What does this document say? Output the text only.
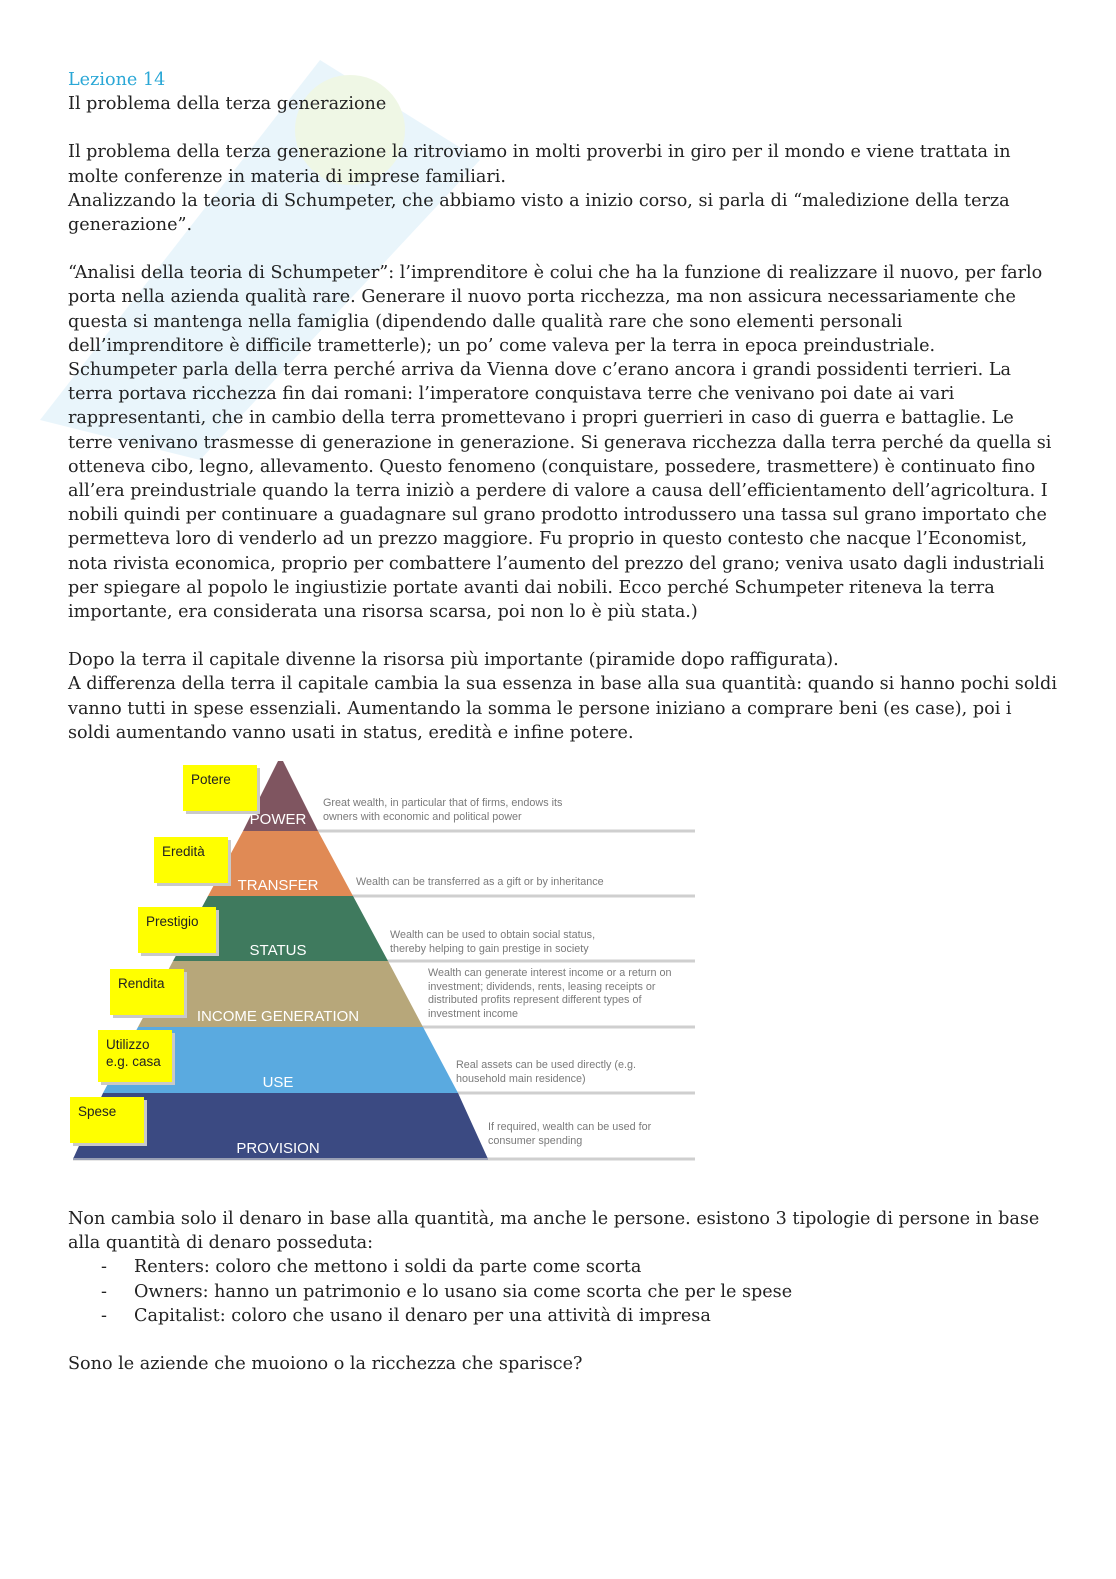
Lezione 14

Il problema della terza generazione

Il problema della terza generazione la ritroviamo in molti proverbi in giro per il mondo e viene trattata in molte conferenze in materia di imprese familiari.

Analizzando la teoria di Schumpeter, che abbiamo visto a inizio corso, si parla di “maledizione della terza generazione”.

“Analisi della teoria di Schumpeter”: l’imprenditore è colui che ha la funzione di realizzare il nuovo, per farlo porta nella azienda qualità rare. Generare il nuovo porta ricchezza, ma non assicura necessariamente che questa si mantenga nella famiglia (dipendendo dalle qualità rare che sono elementi personali dell’imprenditore è difficile trametterle); un po’ come valeva per la terra in epoca preindustriale.

Schumpeter parla della terra perché arriva da Vienna dove c’erano ancora i grandi possidenti terrieri. La terra portava ricchezza fin dai romani: l’imperatore conquistava terre che venivano poi date ai vari rappresentanti, che in cambio della terra promettevano i propri guerrieri in caso di guerra e battaglie. Le terre venivano trasmesse di generazione in generazione. Si generava ricchezza dalla terra perché da quella si otteneva cibo, legno, allevamento. Questo fenomeno (conquistare, possedere, trasmettere) è continuato fino all’era preindustriale quando la terra iniziò a perdere di valore a causa dell’efficientamento dell’agricoltura. I nobili quindi per continuare a guadagnare sul grano prodotto introdussero una tassa sul grano importato che permetteva loro di venderlo ad un prezzo maggiore. Fu proprio in questo contesto che nacque l’Economist, nota rivista economica, proprio per combattere l’aumento del prezzo del grano; veniva usato dagli industriali per spiegare al popolo le ingiustizie portate avanti dai nobili. Ecco perché Schumpeter riteneva la terra importante, era considerata una risorsa scarsa, poi non lo è più stata.)

Dopo la terra il capitale divenne la risorsa più importante (piramide dopo raffigurata).

A differenza della terra il capitale cambia la sua essenza in base alla sua quantità: quando si hanno pochi soldi vanno tutti in spese essenziali. Aumentando la somma le persone iniziano a comprare beni (es case), poi i soldi aumentando vanno usati in status, eredità e infine potere.

POWER
TRANSFER
STATUS
INCOME GENERATION
USE
PROVISION
Great wealth, in particular that of firms, endows its owners with economic and political power
Wealth can be transferred as a gift or by inheritance
Wealth can be used to obtain social status, thereby helping to gain prestige in society
Wealth can generate interest income or a return on investment; dividends, rents, leasing receipts or distributed profits represent different types of investment income
Real assets can be used directly (e.g. household main residence)
If required, wealth can be used for consumer spending
Potere
Eredità
Prestigio
Rendita
Utilizzo e.g. casa
Spese

Non cambia solo il denaro in base alla quantità, ma anche le persone. esistono 3 tipologie di persone in base alla quantità di denaro posseduta:

- Renters: coloro che mettono i soldi da parte come scorta
- Owners: hanno un patrimonio e lo usano sia come scorta che per le spese
- Capitalist: coloro che usano il denaro per una attività di impresa

Sono le aziende che muoiono o la ricchezza che sparisce?
